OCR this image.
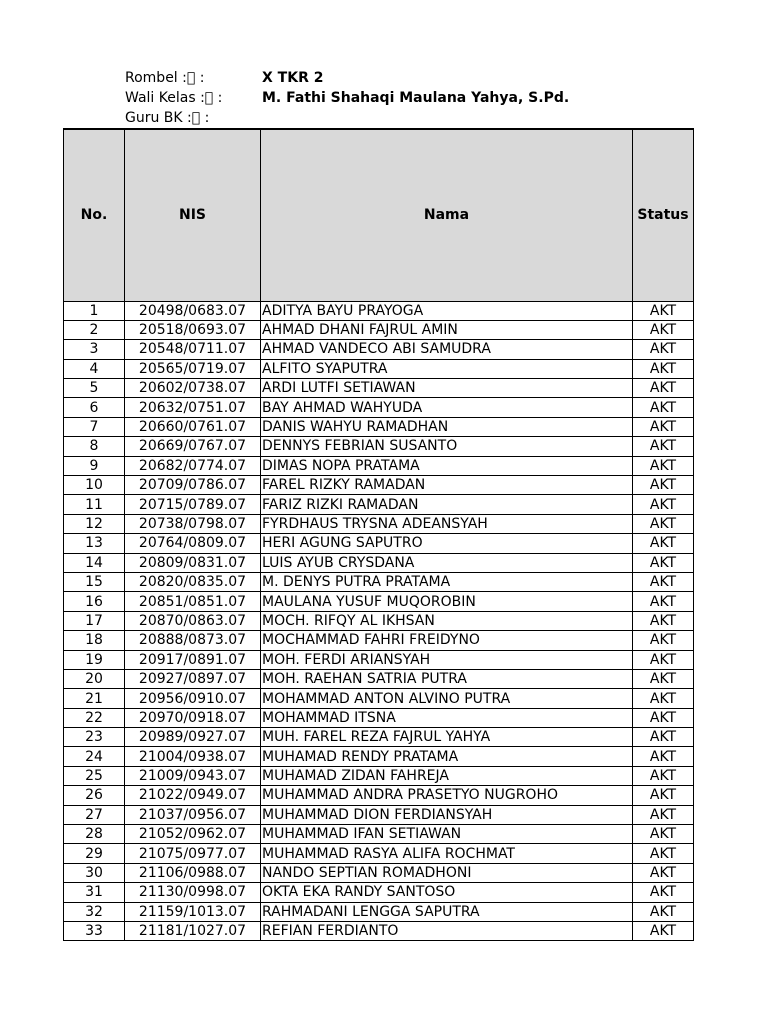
Rombel :  :	X TKR 2
Wali Kelas :  :	M. Fathi Shahaqi Maulana Yahya, S.Pd.
Guru BK :  :
No.	NIS	Nama	Status
1	20498/0683.07	ADITYA BAYU PRAYOGA	AKT
2	20518/0693.07	AHMAD DHANI FAJRUL AMIN	AKT
3	20548/0711.07	AHMAD VANDECO ABI SAMUDRA	AKT
4	20565/0719.07	ALFITO SYAPUTRA	AKT
5	20602/0738.07	ARDI LUTFI SETIAWAN	AKT
6	20632/0751.07	BAY AHMAD WAHYUDA	AKT
7	20660/0761.07	DANIS WAHYU RAMADHAN	AKT
8	20669/0767.07	DENNYS FEBRIAN SUSANTO	AKT
9	20682/0774.07	DIMAS NOPA PRATAMA	AKT
10	20709/0786.07	FAREL RIZKY RAMADAN	AKT
11	20715/0789.07	FARIZ RIZKI RAMADAN	AKT
12	20738/0798.07	FYRDHAUS TRYSNA ADEANSYAH	AKT
13	20764/0809.07	HERI AGUNG SAPUTRO	AKT
14	20809/0831.07	LUIS AYUB CRYSDANA	AKT
15	20820/0835.07	M. DENYS PUTRA PRATAMA	AKT
16	20851/0851.07	MAULANA YUSUF MUQOROBIN	AKT
17	20870/0863.07	MOCH. RIFQY AL IKHSAN	AKT
18	20888/0873.07	MOCHAMMAD FAHRI FREIDYNO	AKT
19	20917/0891.07	MOH. FERDI ARIANSYAH	AKT
20	20927/0897.07	MOH. RAEHAN SATRIA PUTRA	AKT
21	20956/0910.07	MOHAMMAD ANTON ALVINO PUTRA	AKT
22	20970/0918.07	MOHAMMAD ITSNA	AKT
23	20989/0927.07	MUH. FAREL REZA FAJRUL YAHYA	AKT
24	21004/0938.07	MUHAMAD RENDY PRATAMA	AKT
25	21009/0943.07	MUHAMAD ZIDAN FAHREJA	AKT
26	21022/0949.07	MUHAMMAD ANDRA PRASETYO NUGROHO	AKT
27	21037/0956.07	MUHAMMAD DION FERDIANSYAH	AKT
28	21052/0962.07	MUHAMMAD IFAN SETIAWAN	AKT
29	21075/0977.07	MUHAMMAD RASYA ALIFA ROCHMAT	AKT
30	21106/0988.07	NANDO SEPTIAN ROMADHONI	AKT
31	21130/0998.07	OKTA EKA RANDY SANTOSO	AKT
32	21159/1013.07	RAHMADANI LENGGA SAPUTRA	AKT
33	21181/1027.07	REFIAN FERDIANTO	AKT
